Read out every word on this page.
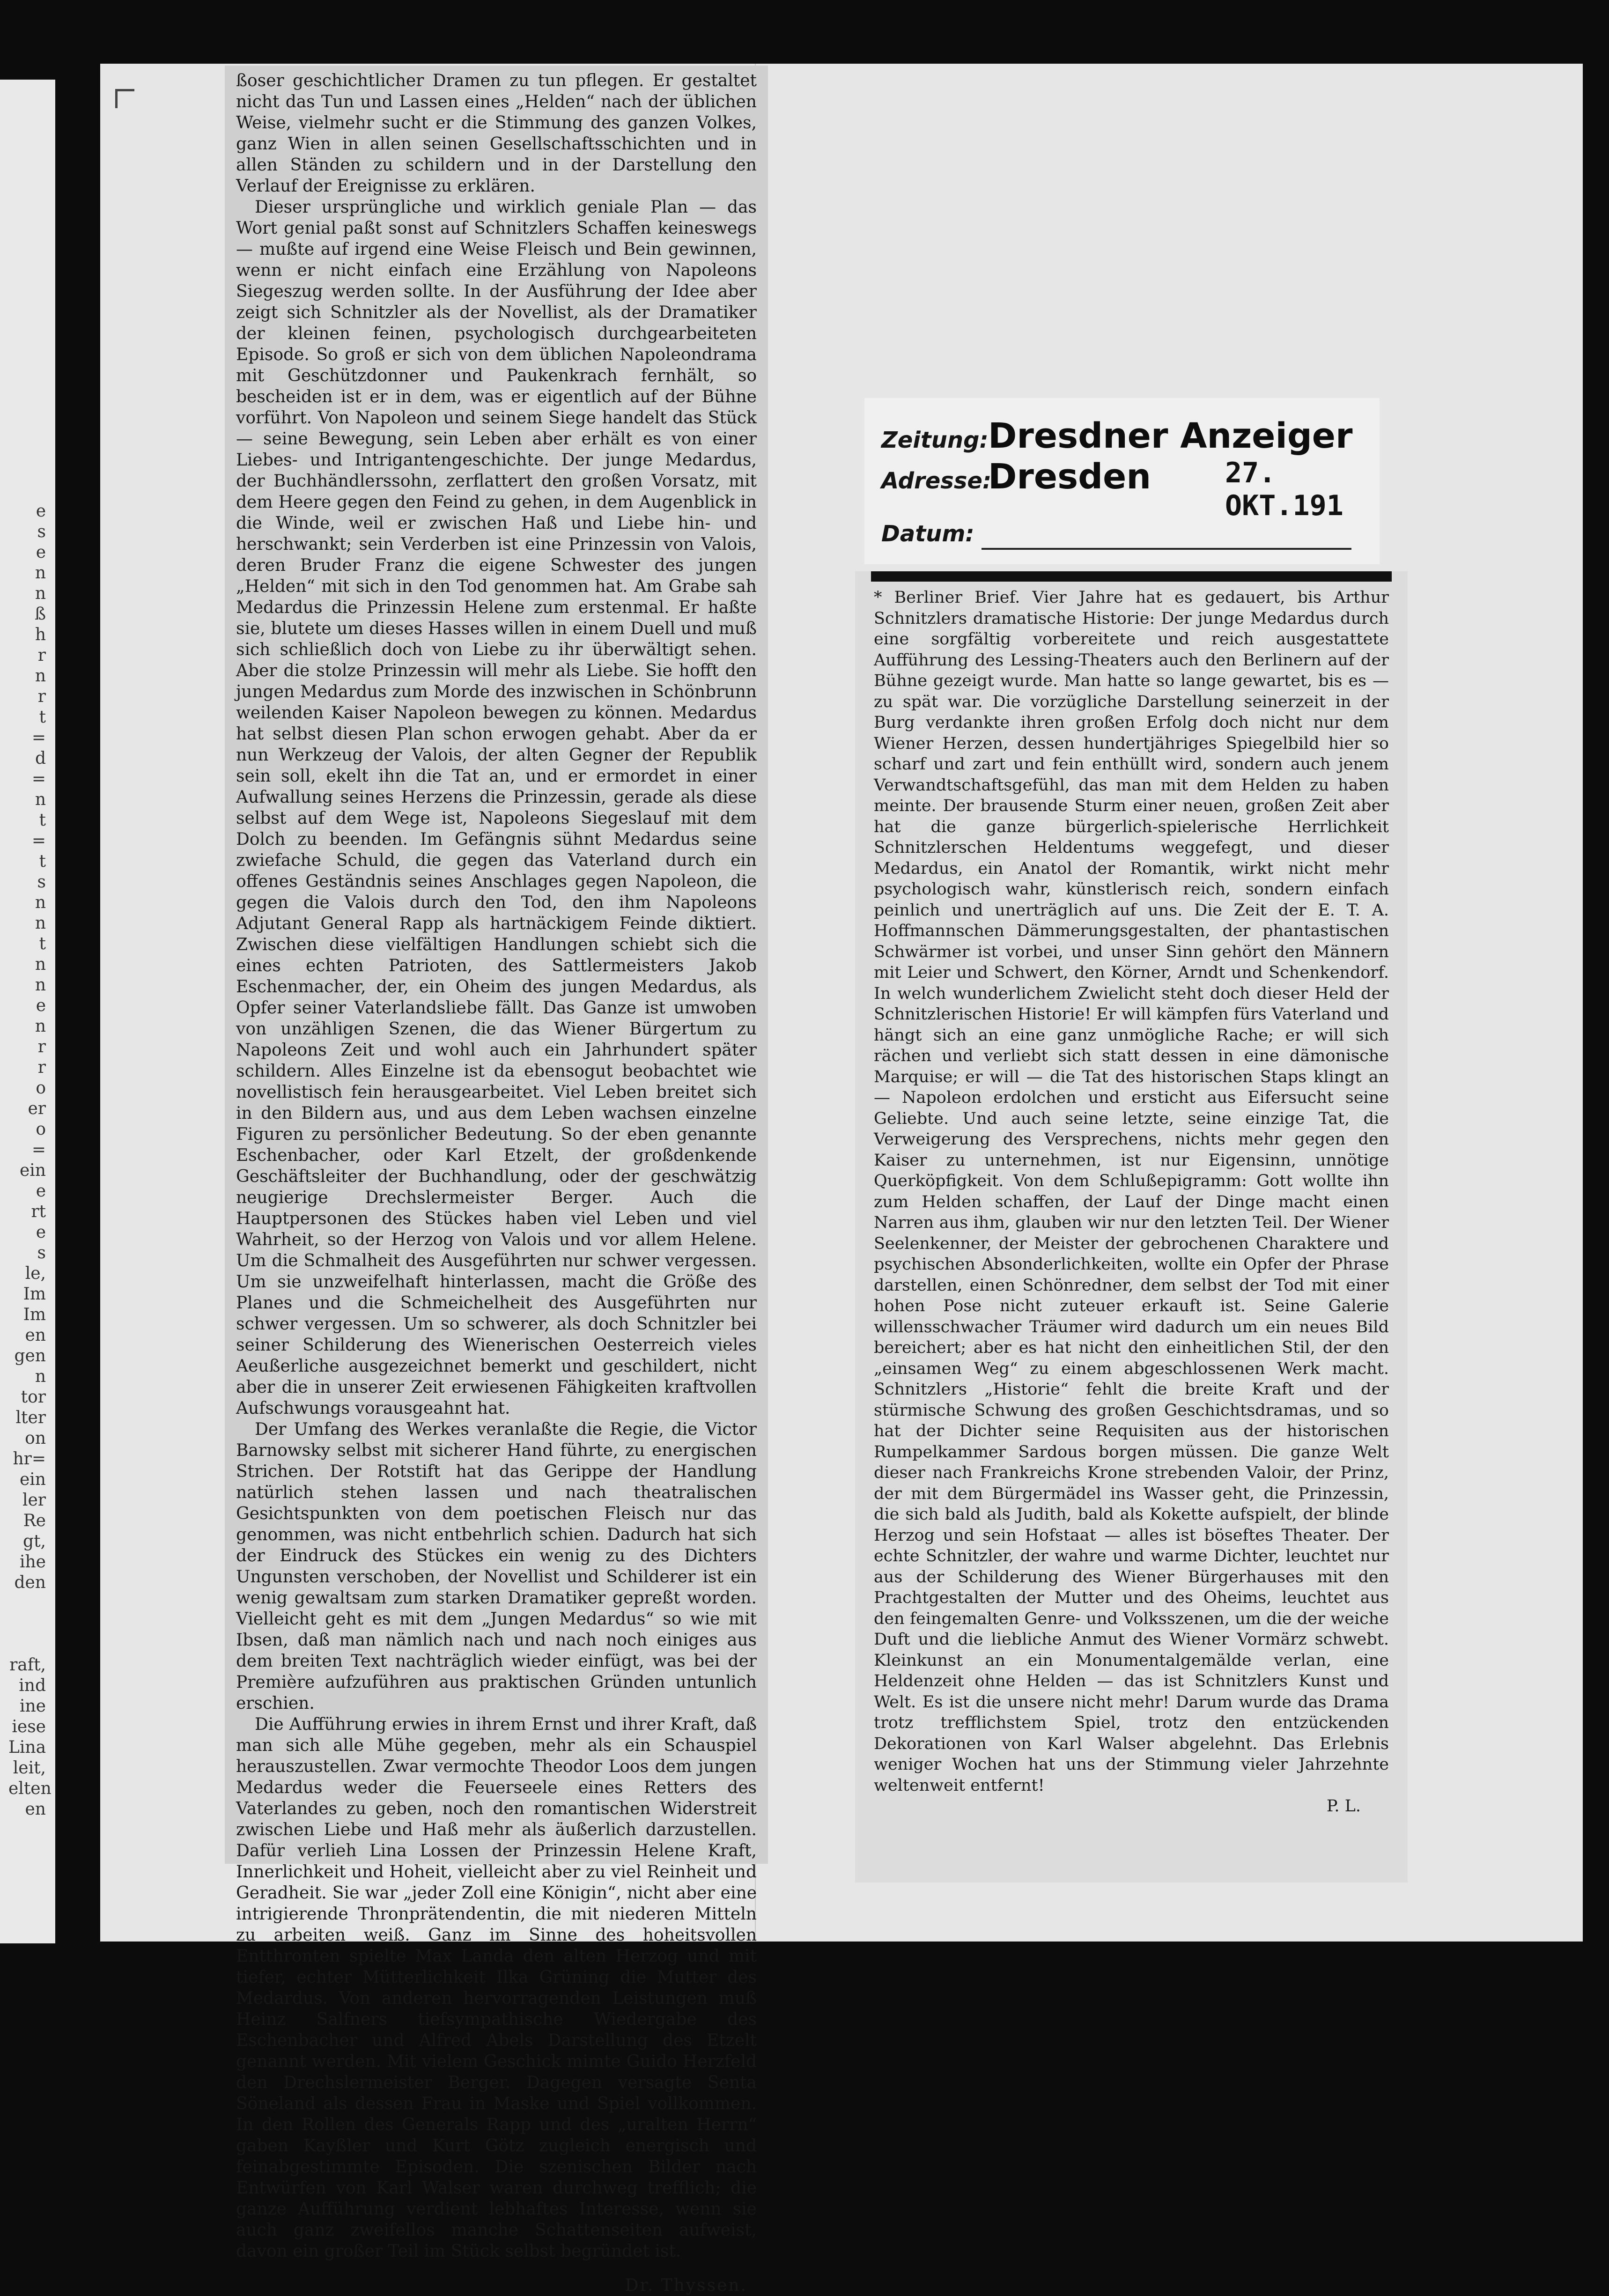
e
s
e
n
n
ß
h
r
n
r
t
=
d
=
n
t
=
t
s
n
n
t
n
n
e
n
r
r
o
er
o
=
ein
e
rt
e
s
le,
Im
Im
en
gen
n
tor
lter
on
hr=
ein
ler
Re
gt,
ihe
den
raft,
ind
ine
iese
Lina
leit,
elten
en

ßoser geschichtlicher Dramen zu tun pflegen. Er gestaltet nicht das Tun und Lassen eines „Helden“ nach der üblichen Weise, vielmehr sucht er die Stimmung des ganzen Volkes, ganz Wien in allen seinen Gesellschaftsschichten und in allen Ständen zu schildern und in der Darstellung den Verlauf der Ereignisse zu erklären.

Dieser ursprüngliche und wirklich geniale Plan — das Wort genial paßt sonst auf Schnitzlers Schaffen keineswegs — mußte auf irgend eine Weise Fleisch und Bein gewinnen, wenn er nicht einfach eine Erzählung von Napoleons Siegeszug werden sollte. In der Ausführung der Idee aber zeigt sich Schnitzler als der Novellist, als der Dramatiker der kleinen feinen, psychologisch durchgearbeiteten Episode. So groß er sich von dem üblichen Napoleondrama mit Geschützdonner und Paukenkrach fernhält, so bescheiden ist er in dem, was er eigentlich auf der Bühne vorführt. Von Napoleon und seinem Siege handelt das Stück — seine Bewegung, sein Leben aber erhält es von einer Liebes- und Intrigantengeschichte. Der junge Medardus, der Buchhändlerssohn, zerflattert den großen Vorsatz, mit dem Heere gegen den Feind zu gehen, in dem Augenblick in die Winde, weil er zwischen Haß und Liebe hin- und herschwankt; sein Verderben ist eine Prinzessin von Valois, deren Bruder Franz die eigene Schwester des jungen „Helden“ mit sich in den Tod genommen hat. Am Grabe sah Medardus die Prinzessin Helene zum erstenmal. Er haßte sie, blutete um dieses Hasses willen in einem Duell und muß sich schließlich doch von Liebe zu ihr überwältigt sehen. Aber die stolze Prinzessin will mehr als Liebe. Sie hofft den jungen Medardus zum Morde des inzwischen in Schönbrunn weilenden Kaiser Napoleon bewegen zu können. Medardus hat selbst diesen Plan schon erwogen gehabt. Aber da er nun Werkzeug der Valois, der alten Gegner der Republik sein soll, ekelt ihn die Tat an, und er ermordet in einer Aufwallung seines Herzens die Prinzessin, gerade als diese selbst auf dem Wege ist, Napoleons Siegeslauf mit dem Dolch zu beenden. Im Gefängnis sühnt Medardus seine zwiefache Schuld, die gegen das Vaterland durch ein offenes Geständnis seines Anschlages gegen Napoleon, die gegen die Valois durch den Tod, den ihm Napoleons Adjutant General Rapp als hartnäckigem Feinde diktiert. Zwischen diese vielfältigen Handlungen schiebt sich die eines echten Patrioten, des Sattlermeisters Jakob Eschenmacher, der, ein Oheim des jungen Medardus, als Opfer seiner Vaterlandsliebe fällt. Das Ganze ist umwoben von unzähligen Szenen, die das Wiener Bürgertum zu Napoleons Zeit und wohl auch ein Jahrhundert später schildern. Alles Einzelne ist da ebensogut beobachtet wie novellistisch fein herausgearbeitet. Viel Leben breitet sich in den Bildern aus, und aus dem Leben wachsen einzelne Figuren zu persönlicher Bedeutung. So der eben genannte Eschenbacher, oder Karl Etzelt, der großdenkende Geschäftsleiter der Buchhandlung, oder der geschwätzig neugierige Drechslermeister Berger. Auch die Hauptpersonen des Stückes haben viel Leben und viel Wahrheit, so der Herzog von Valois und vor allem Helene. Um die Schmalheit des Ausgeführten nur schwer vergessen. Um sie unzweifelhaft hinterlassen, macht die Größe des Planes und die Schmeichelheit des Ausgeführten nur schwer vergessen. Um so schwerer, als doch Schnitzler bei seiner Schilderung des Wienerischen Oesterreich vieles Aeußerliche ausgezeichnet bemerkt und geschildert, nicht aber die in unserer Zeit erwiesenen Fähigkeiten kraftvollen Aufschwungs vorausgeahnt hat.

Der Umfang des Werkes veranlaßte die Regie, die Victor Barnowsky selbst mit sicherer Hand führte, zu energischen Strichen. Der Rotstift hat das Gerippe der Handlung natürlich stehen lassen und nach theatralischen Gesichtspunkten von dem poetischen Fleisch nur das genommen, was nicht entbehrlich schien. Dadurch hat sich der Eindruck des Stückes ein wenig zu des Dichters Ungunsten verschoben, der Novellist und Schilderer ist ein wenig gewaltsam zum starken Dramatiker gepreßt worden. Vielleicht geht es mit dem „Jungen Medardus“ so wie mit Ibsen, daß man nämlich nach und nach noch einiges aus dem breiten Text nachträglich wieder einfügt, was bei der Première aufzuführen aus praktischen Gründen untunlich erschien.

Die Aufführung erwies in ihrem Ernst und ihrer Kraft, daß man sich alle Mühe gegeben, mehr als ein Schauspiel herauszustellen. Zwar vermochte Theodor Loos dem jungen Medardus weder die Feuerseele eines Retters des Vaterlandes zu geben, noch den romantischen Widerstreit zwischen Liebe und Haß mehr als äußerlich darzustellen. Dafür verlieh Lina Lossen der Prinzessin Helene Kraft, Innerlichkeit und Hoheit, vielleicht aber zu viel Reinheit und Geradheit. Sie war „jeder Zoll eine Königin“, nicht aber eine intrigierende Thronprätendentin, die mit niederen Mitteln zu arbeiten weiß. Ganz im Sinne des hoheitsvollen Entthronten spielte Max Landa den alten Herzog und mit tiefer, echter Mütterlichkeit Ilka Grüning die Mutter des Medardus. Von anderen hervorragenden Leistungen muß Heinz Salfners tiefsympathische Wiedergabe des Eschenbacher und Alfred Abels Darstellung des Etzelt genannt werden. Mit vielem Geschick mimte Guido Herzfeld den Drechslermeister Berger. Dagegen versagte Senta Söneland als dessen Frau in Maske und Spiel vollkommen. In den Rollen des Generals Rapp und des „uralten Herrn“ gaben Kayßler und Kurt Götz zugleich energisch und feinabgestimmte Episoden. Die szenischen Bilder nach Entwürfen von Karl Walser waren durchweg trefflich; die ganze Aufführung verdient lebhaftes Interesse, wenn sie auch ganz zweifellos manche Schattenseiten aufweist, davon ein großer Teil im Stück selbst begründet ist.

Dr. Thyssen.
Zeitung:Dresdner Anzeiger
Adresse:Dresden	27. OKT.191
Datum:

* Berliner Brief. Vier Jahre hat es gedauert, bis Arthur Schnitzlers dramatische Historie: Der junge Medardus durch eine sorgfältig vorbereitete und reich ausgestattete Aufführung des Lessing-Theaters auch den Berlinern auf der Bühne gezeigt wurde. Man hatte so lange gewartet, bis es — zu spät war. Die vorzügliche Darstellung seinerzeit in der Burg verdankte ihren großen Erfolg doch nicht nur dem Wiener Herzen, dessen hundertjähriges Spiegelbild hier so scharf und zart und fein enthüllt wird, sondern auch jenem Verwandtschaftsgefühl, das man mit dem Helden zu haben meinte. Der brausende Sturm einer neuen, großen Zeit aber hat die ganze bürgerlich-spielerische Herrlichkeit Schnitzlerschen Heldentums weggefegt, und dieser Medardus, ein Anatol der Romantik, wirkt nicht mehr psychologisch wahr, künstlerisch reich, sondern einfach peinlich und unerträglich auf uns. Die Zeit der E. T. A. Hoffmannschen Dämmerungsgestalten, der phantastischen Schwärmer ist vorbei, und unser Sinn gehört den Männern mit Leier und Schwert, den Körner, Arndt und Schenkendorf. In welch wunderlichem Zwielicht steht doch dieser Held der Schnitzlerischen Historie! Er will kämpfen fürs Vaterland und hängt sich an eine ganz unmögliche Rache; er will sich rächen und verliebt sich statt dessen in eine dämonische Marquise; er will — die Tat des historischen Staps klingt an — Napoleon erdolchen und ersticht aus Eifersucht seine Geliebte. Und auch seine letzte, seine einzige Tat, die Verweigerung des Versprechens, nichts mehr gegen den Kaiser zu unternehmen, ist nur Eigensinn, unnötige Querköpfigkeit. Von dem Schlußepigramm: Gott wollte ihn zum Helden schaffen, der Lauf der Dinge macht einen Narren aus ihm, glauben wir nur den letzten Teil. Der Wiener Seelenkenner, der Meister der gebrochenen Charaktere und psychischen Absonderlichkeiten, wollte ein Opfer der Phrase darstellen, einen Schönredner, dem selbst der Tod mit einer hohen Pose nicht zuteuer erkauft ist. Seine Galerie willensschwacher Träumer wird dadurch um ein neues Bild bereichert; aber es hat nicht den einheitlichen Stil, der den „einsamen Weg“ zu einem abgeschlossenen Werk macht. Schnitzlers „Historie“ fehlt die breite Kraft und der stürmische Schwung des großen Geschichtsdramas, und so hat der Dichter seine Requisiten aus der historischen Rumpelkammer Sardous borgen müssen. Die ganze Welt dieser nach Frankreichs Krone strebenden Valoir, der Prinz, der mit dem Bürgermädel ins Wasser geht, die Prinzessin, die sich bald als Judith, bald als Kokette aufspielt, der blinde Herzog und sein Hofstaat — alles ist böseftes Theater. Der echte Schnitzler, der wahre und warme Dichter, leuchtet nur aus der Schilderung des Wiener Bürgerhauses mit den Prachtgestalten der Mutter und des Oheims, leuchtet aus den feingemalten Genre- und Volksszenen, um die der weiche Duft und die liebliche Anmut des Wiener Vormärz schwebt. Kleinkunst an ein Monumentalgemälde verlan, eine Heldenzeit ohne Helden — das ist Schnitzlers Kunst und Welt. Es ist die unsere nicht mehr! Darum wurde das Drama trotz trefflichstem Spiel, trotz den entzückenden Dekorationen von Karl Walser abgelehnt. Das Erlebnis weniger Wochen hat uns der Stimmung vieler Jahrzehnte weltenweit entfernt!

P. L.
